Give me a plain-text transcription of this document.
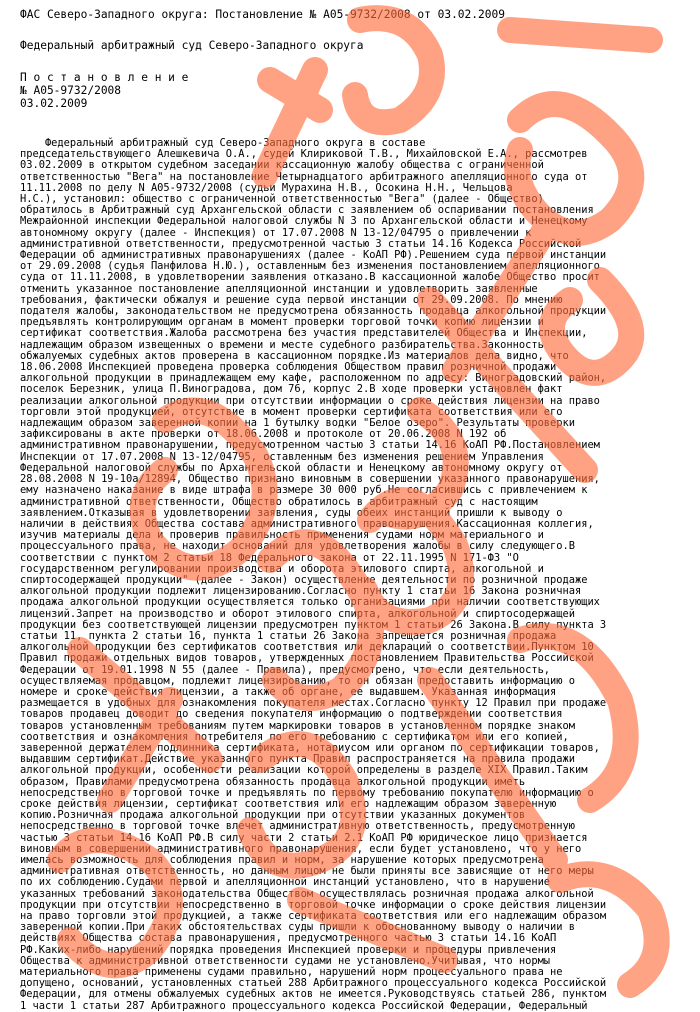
ФАС Северо-Западного округа: Постановление № А05-9732/2008 от 03.02.2009

Федеральный арбитражный суд Северо-Западного округа

П о с т а н о в л е н и е

№ А05-9732/2008

03.02.2009

Федеральный арбитражный суд Северо-Западного округа в составе

председательствующего Алешкевича О.А., судей Клириковой Т.В., Михайловской Е.А., рассмотрев

03.02.2009 в открытом судебном заседании кассационную жалобу общества с ограниченной

ответственностью "Вега" на постановление Четырнадцатого арбитражного апелляционного суда от

11.11.2008 по делу N А05-9732/2008 (судьи Мурахина Н.В., Осокина Н.Н., Чельцова

Н.С.), установил: общество с ограниченной ответственностью "Вега" (далее - Общество)

обратилось в Арбитражный суд Архангельской области с заявлением об оспаривании постановления

Межрайонной инспекции Федеральной налоговой службы N 3 по Архангельской области и Ненецкому

автономному округу (далее - Инспекция) от 17.07.2008 N 13-12/04795 о привлечении к

административной ответственности, предусмотренной частью 3 статьи 14.16 Кодекса Российской

Федерации об административных правонарушениях (далее - КоАП РФ).Решением суда первой инстанции

от 29.09.2008 (судья Панфилова Н.Ю.), оставленным без изменения постановлением апелляционного

суда от 11.11.2008, в удовлетворении заявления отказано.В кассационной жалобе Общество просит

отменить указанное постановление апелляционной инстанции и удовлетворить заявленные

требования, фактически обжалуя и решение суда первой инстанции от 29.09.2008. По мнению

подателя жалобы, законодательством не предусмотрена обязанность продавца алкогольной продукции

предъявлять контролирующим органам в момент проверки торговой точки копию лицензии и

сертификат соответствия.Жалоба рассмотрена без участия представителей Общества и Инспекции,

надлежащим образом извещенных о времени и месте судебного разбирательства.Законность

обжалуемых судебных актов проверена в кассационном порядке.Из материалов дела видно, что

18.06.2008 Инспекцией проведена проверка соблюдения Обществом правил розничной продажи

алкогольной продукции в принадлежащем ему кафе, расположенном по адресу: Виноградовский район,

поселок Березник, улица П.Виноградова, дом 76, корпус 2.В ходе проверки установлен факт

реализации алкогольной продукции при отсутствии информации о сроке действия лицензии на право

торговли этой продукцией, отсутствие в момент проверки сертификата соответствия или его

надлежащим образом заверенной копии на 1 бутылку водки "Белое озеро". Результаты проверки

зафиксированы в акте проверки от 18.06.2008 и протоколе от 20.06.2008 N 192 об

административном правонарушении, предусмотренном частью 3 статьи 14.16 КоАП РФ.Постановлением

Инспекции от 17.07.2008 N 13-12/04795, оставленным без изменения решением Управления

Федеральной налоговой службы по Архангельской области и Ненецкому автономному округу от

28.08.2008 N 19-10а/12894, Общество признано виновным в совершении указанного правонарушения,

ему назначено наказание в виде штрафа в размере 30 000 руб.Не согласившись с привлечением к

административной ответственности, Общество обратилось в арбитражный суд с настоящим

заявлением.Отказывая в удовлетворении заявления, суды обеих инстанций пришли к выводу о

наличии в действиях Общества состава административного правонарушения.Кассационная коллегия,

изучив материалы дела и проверив правильность применения судами норм материального и

процессуального права, не находит оснований для удовлетворения жалобы в силу следующего.В

соответствии с пунктом 2 статьи 18 Федерального закона от 22.11.1995 N 171-ФЗ "О

государственном регулировании производства и оборота этилового спирта, алкогольной и

спиртосодержащей продукции" (далее - Закон) осуществление деятельности по розничной продаже

алкогольной продукции подлежит лицензированию.Согласно пункту 1 статьи 16 Закона розничная

продажа алкогольной продукции осуществляется только организациями при наличии соответствующих

лицензий.Запрет на производство и оборот этилового спирта, алкогольной и спиртосодержащей

продукции без соответствующей лицензии предусмотрен пунктом 1 статьи 26 Закона.В силу пункта 3

статьи 11, пункта 2 статьи 16, пункта 1 статьи 26 Закона запрещается розничная продажа

алкогольной продукции без сертификатов соответствия или деклараций о соответствии.Пунктом 10

Правил продажи отдельных видов товаров, утвержденных постановлением Правительства Российской

Федерации от 19.01.1998 N 55 (далее - Правила), предусмотрено, что если деятельность,

осуществляемая продавцом, подлежит лицензированию, то он обязан предоставить информацию о

номере и сроке действия лицензии, а также об органе, ее выдавшем. Указанная информация

размещается в удобных для ознакомления покупателя местах.Согласно пункту 12 Правил при продаже

товаров продавец доводит до сведения покупателя информацию о подтверждении соответствия

товаров установленным требованиям путем маркировки товаров в установленном порядке знаком

соответствия и ознакомления потребителя по его требованию с сертификатом или его копией,

заверенной держателем подлинника сертификата, нотариусом или органом по сертификации товаров,

выдавшим сертификат.Действие указанного пункта Правил распространяется на правила продажи

алкогольной продукции, особенности реализации которой определены в разделе XIX Правил.Таким

образом, Правилами предусмотрена обязанность продавца алкогольной продукции иметь

непосредственно в торговой точке и предъявлять по первому требованию покупателю информацию о

сроке действия лицензии, сертификат соответствия или его надлежащим образом заверенную

копию.Розничная продажа алкогольной продукции при отсутствии указанных документов

непосредственно в торговой точке влечет административную ответственность, предусмотренную

частью 3 статьи 14.16 КоАП РФ.В силу части 2 статьи 2.1 КоАП РФ юридическое лицо признается

виновным в совершении административного правонарушения, если будет установлено, что у него

имелась возможность для соблюдения правил и норм, за нарушение которых предусмотрена

административная ответственность, но данным лицом не были приняты все зависящие от него меры

по их соблюдению.Судами первой и апелляционной инстанций установлено, что в нарушение

указанных требований законодательства Обществом осуществлялась розничная продажа алкогольной

продукции при отсутствии непосредственно в торговой точке информации о сроке действия лицензии

на право торговли этой продукцией, а также сертификата соответствия или его надлежащим образом

заверенной копии.При таких обстоятельствах суды пришли к обоснованному выводу о наличии в

действиях Общества состава правонарушения, предусмотренного частью 3 статьи 14.16 КоАП

РФ.Каких-либо нарушений порядка проведения Инспекцией проверки и процедуры привлечения

Общества к административной ответственности судами не установлено.Учитывая, что нормы

материального права применены судами правильно, нарушений норм процессуального права не

допущено, оснований, установленных статьей 288 Арбитражного процессуального кодекса Российской

Федерации, для отмены обжалуемых судебных актов не имеется.Руководствуясь статьей 286, пунктом

1 части 1 статьи 287 Арбитражного процессуального кодекса Российской Федерации, Федеральный
